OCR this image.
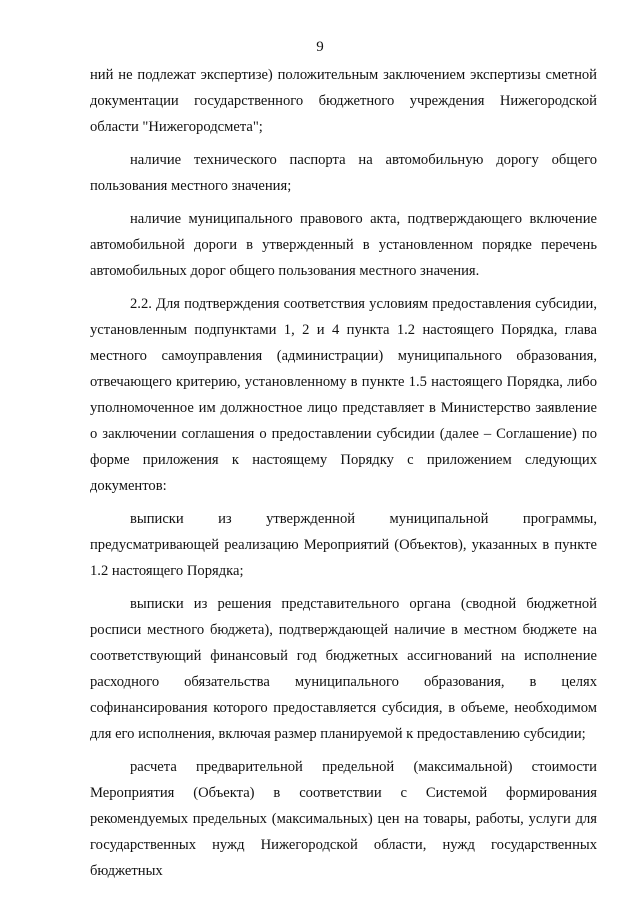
9

ний не подлежат экспертизе) положительным заключением экспертизы сметной документации государственного бюджетного учреждения Нижегородской области "Нижегородсмета";

наличие технического паспорта на автомобильную дорогу общего пользования местного значения;

наличие муниципального правового акта, подтверждающего включение автомобильной дороги в утвержденный в установленном порядке перечень автомобильных дорог общего пользования местного значения.

2.2. Для подтверждения соответствия условиям предоставления субсидии, установленным подпунктами 1, 2 и 4 пункта 1.2 настоящего Порядка, глава местного самоуправления (администрации) муниципального образования, отвечающего критерию, установленному в пункте 1.5 настоящего Порядка, либо уполномоченное им должностное лицо представляет в Министерство заявление о заключении соглашения о предоставлении субсидии (далее – Соглашение) по форме приложения к настоящему Порядку с приложением следующих документов:

выписки из утвержденной муниципальной программы, предусматривающей реализацию Мероприятий (Объектов), указанных в пункте 1.2 настоящего Порядка;

выписки из решения представительного органа (сводной бюджетной росписи местного бюджета), подтверждающей наличие в местном бюджете на соответствующий финансовый год бюджетных ассигнований на исполнение расходного обязательства муниципального образования, в целях софинансирования которого предоставляется субсидия, в объеме, необходимом для его исполнения, включая размер планируемой к предоставлению субсидии;

расчета предварительной предельной (максимальной) стоимости Мероприятия (Объекта) в соответствии с Системой формирования рекомендуемых предельных (максимальных) цен на товары, работы, услуги для государственных нужд Нижегородской области, нужд государственных бюджетных
